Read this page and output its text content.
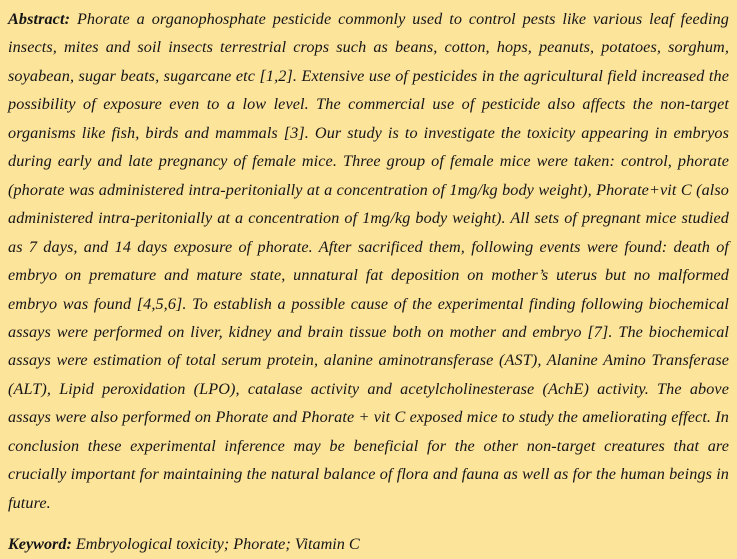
Abstract: Phorate a organophosphate pesticide commonly used to control pests like various leaf feeding insects, mites and soil insects terrestrial crops such as beans, cotton, hops, peanuts, potatoes, sorghum, soyabean, sugar beats, sugarcane etc [1,2]. Extensive use of pesticides in the agricultural field increased the possibility of exposure even to a low level. The commercial use of pesticide also affects the non-target organisms like fish, birds and mammals [3]. Our study is to investigate the toxicity appearing in embryos during early and late pregnancy of female mice. Three group of female mice were taken: control, phorate (phorate was administered intra-peritonially at a concentration of 1mg/kg body weight), Phorate+vit C (also administered intra-peritonially at a concentration of 1mg/kg body weight). All sets of pregnant mice studied as 7 days, and 14 days exposure of phorate. After sacrificed them, following events were found: death of embryo on premature and mature state, unnatural fat deposition on mother’s uterus but no malformed embryo was found [4,5,6]. To establish a possible cause of the experimental finding following biochemical assays were performed on liver, kidney and brain tissue both on mother and embryo [7]. The biochemical assays were estimation of total serum protein, alanine aminotransferase (AST), Alanine Amino Transferase (ALT), Lipid peroxidation (LPO), catalase activity and acetylcholinesterase (AchE) activity. The above assays were also performed on Phorate and Phorate + vit C exposed mice to study the ameliorating effect. In conclusion these experimental inference may be beneficial for the other non-target creatures that are crucially important for maintaining the natural balance of flora and fauna as well as for the human beings in future.

Keyword: Embryological toxicity; Phorate; Vitamin C
